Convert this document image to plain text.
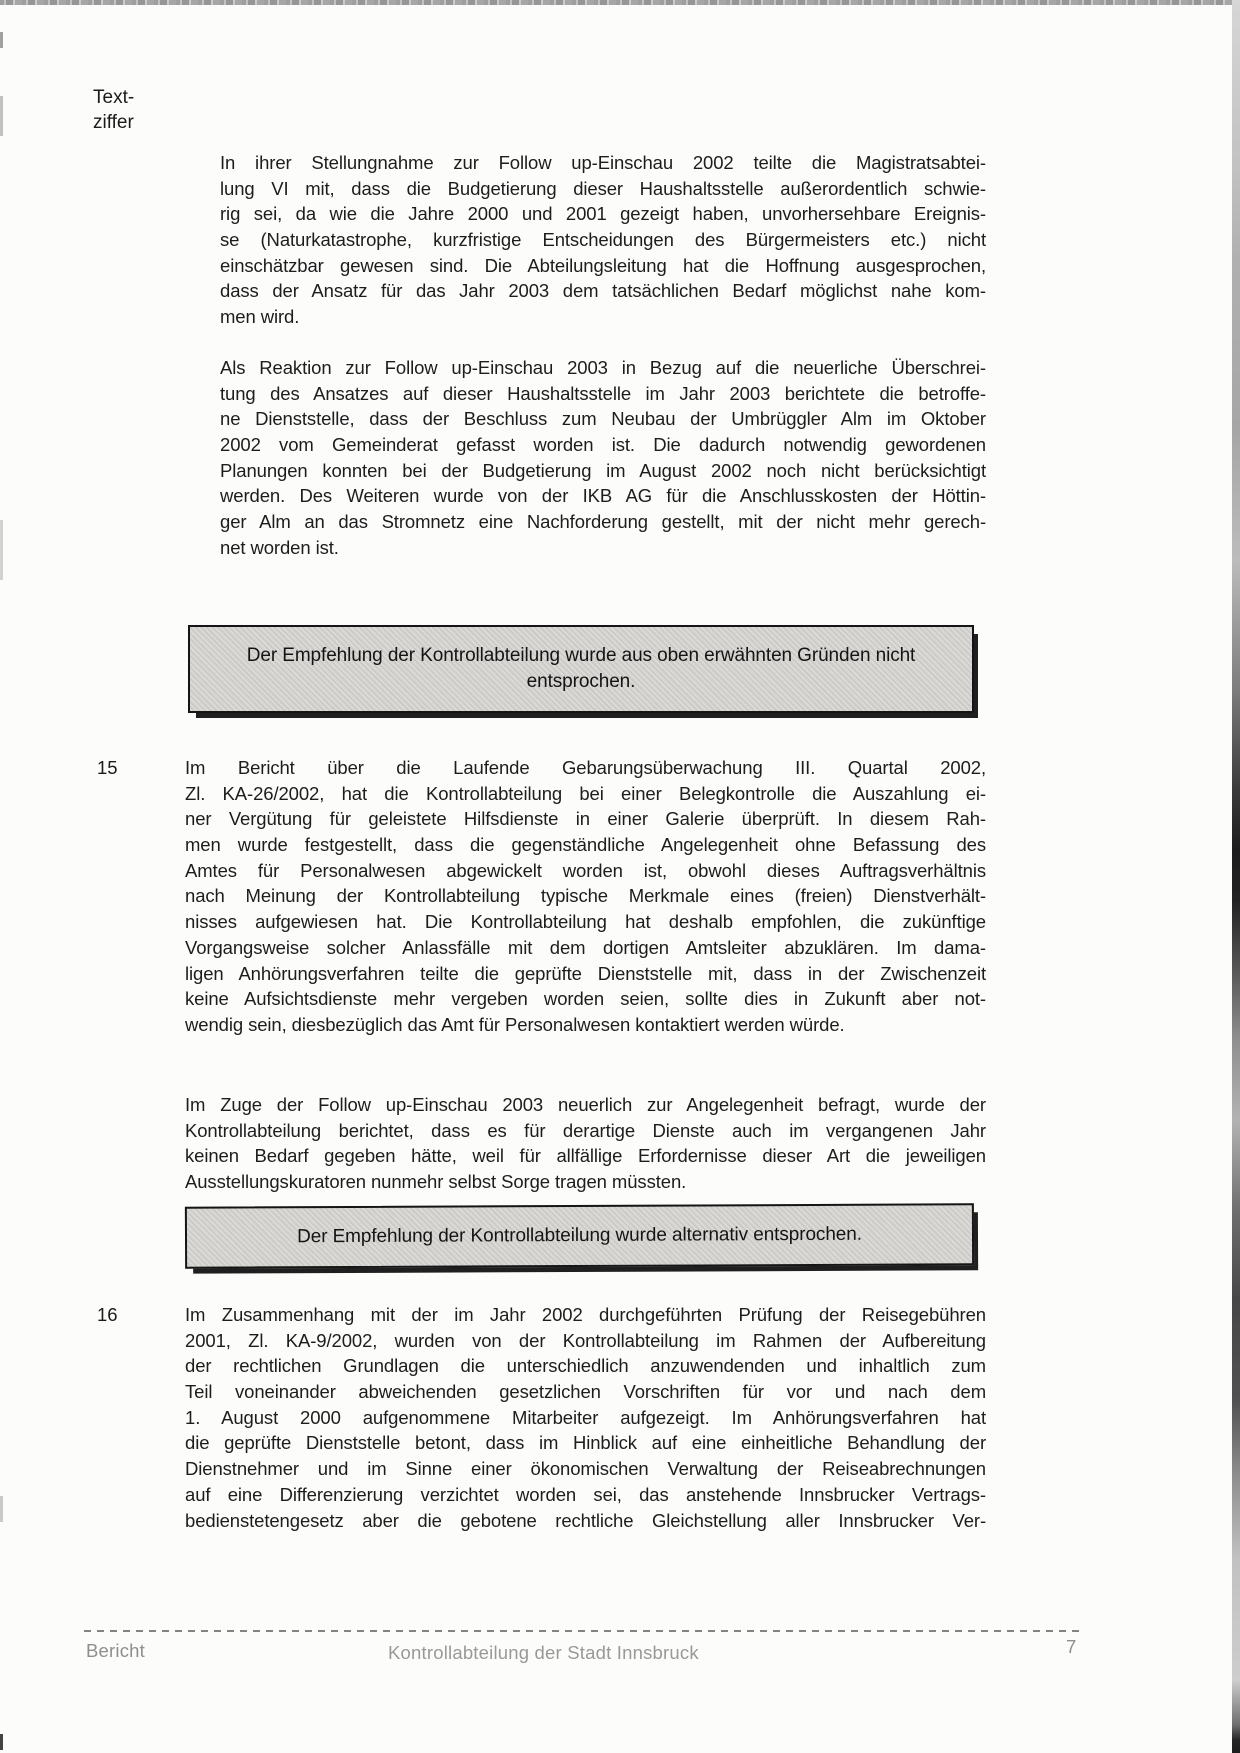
Text-
ziffer
In ihrer Stellungnahme zur Follow up-Einschau 2002 teilte die Magistratsabtei-
lung VI mit, dass die Budgetierung dieser Haushaltsstelle außerordentlich schwie-
rig sei, da wie die Jahre 2000 und 2001 gezeigt haben, unvorhersehbare Ereignis-
se (Naturkatastrophe, kurzfristige Entscheidungen des Bürgermeisters etc.) nicht
einschätzbar gewesen sind. Die Abteilungsleitung hat die Hoffnung ausgesprochen,
dass der Ansatz für das Jahr 2003 dem tatsächlichen Bedarf möglichst nahe kom-
men wird.
Als Reaktion zur Follow up-Einschau 2003 in Bezug auf die neuerliche Überschrei-
tung des Ansatzes auf dieser Haushaltsstelle im Jahr 2003 berichtete die betroffe-
ne Dienststelle, dass der Beschluss zum Neubau der Umbrüggler Alm im Oktober
2002 vom Gemeinderat gefasst worden ist. Die dadurch notwendig gewordenen
Planungen konnten bei der Budgetierung im August 2002 noch nicht berücksichtigt
werden. Des Weiteren wurde von der IKB AG für die Anschlusskosten der Höttin-
ger Alm an das Stromnetz eine Nachforderung gestellt, mit der nicht mehr gerech-
net worden ist.
Der Empfehlung der Kontrollabteilung wurde aus oben erwähnten Gründen nicht
entsprochen.
15	Im Bericht über die Laufende Gebarungsüberwachung III. Quartal 2002,
Zl. KA-26/2002, hat die Kontrollabteilung bei einer Belegkontrolle die Auszahlung ei-
ner Vergütung für geleistete Hilfsdienste in einer Galerie überprüft. In diesem Rah-
men wurde festgestellt, dass die gegenständliche Angelegenheit ohne Befassung des
Amtes für Personalwesen abgewickelt worden ist, obwohl dieses Auftragsverhältnis
nach Meinung der Kontrollabteilung typische Merkmale eines (freien) Dienstverhält-
nisses aufgewiesen hat. Die Kontrollabteilung hat deshalb empfohlen, die zukünftige
Vorgangsweise solcher Anlassfälle mit dem dortigen Amtsleiter abzuklären. Im dama-
ligen Anhörungsverfahren teilte die geprüfte Dienststelle mit, dass in der Zwischenzeit
keine Aufsichtsdienste mehr vergeben worden seien, sollte dies in Zukunft aber not-
wendig sein, diesbezüglich das Amt für Personalwesen kontaktiert werden würde.
Im Zuge der Follow up-Einschau 2003 neuerlich zur Angelegenheit befragt, wurde der
Kontrollabteilung berichtet, dass es für derartige Dienste auch im vergangenen Jahr
keinen Bedarf gegeben hätte, weil für allfällige Erfordernisse dieser Art die jeweiligen
Ausstellungskuratoren nunmehr selbst Sorge tragen müssten.
Der Empfehlung der Kontrollabteilung wurde alternativ entsprochen.
16	Im Zusammenhang mit der im Jahr 2002 durchgeführten Prüfung der Reisegebühren
2001, Zl. KA-9/2002, wurden von der Kontrollabteilung im Rahmen der Aufbereitung
der rechtlichen Grundlagen die unterschiedlich anzuwendenden und inhaltlich zum
Teil voneinander abweichenden gesetzlichen Vorschriften für vor und nach dem
1. August 2000 aufgenommene Mitarbeiter aufgezeigt. Im Anhörungsverfahren hat
die geprüfte Dienststelle betont, dass im Hinblick auf eine einheitliche Behandlung der
Dienstnehmer und im Sinne einer ökonomischen Verwaltung der Reiseabrechnungen
auf eine Differenzierung verzichtet worden sei, das anstehende Innsbrucker Vertrags-
bedienstetengesetz aber die gebotene rechtliche Gleichstellung aller Innsbrucker Ver-
Bericht	Kontrollabteilung der Stadt Innsbruck	7
